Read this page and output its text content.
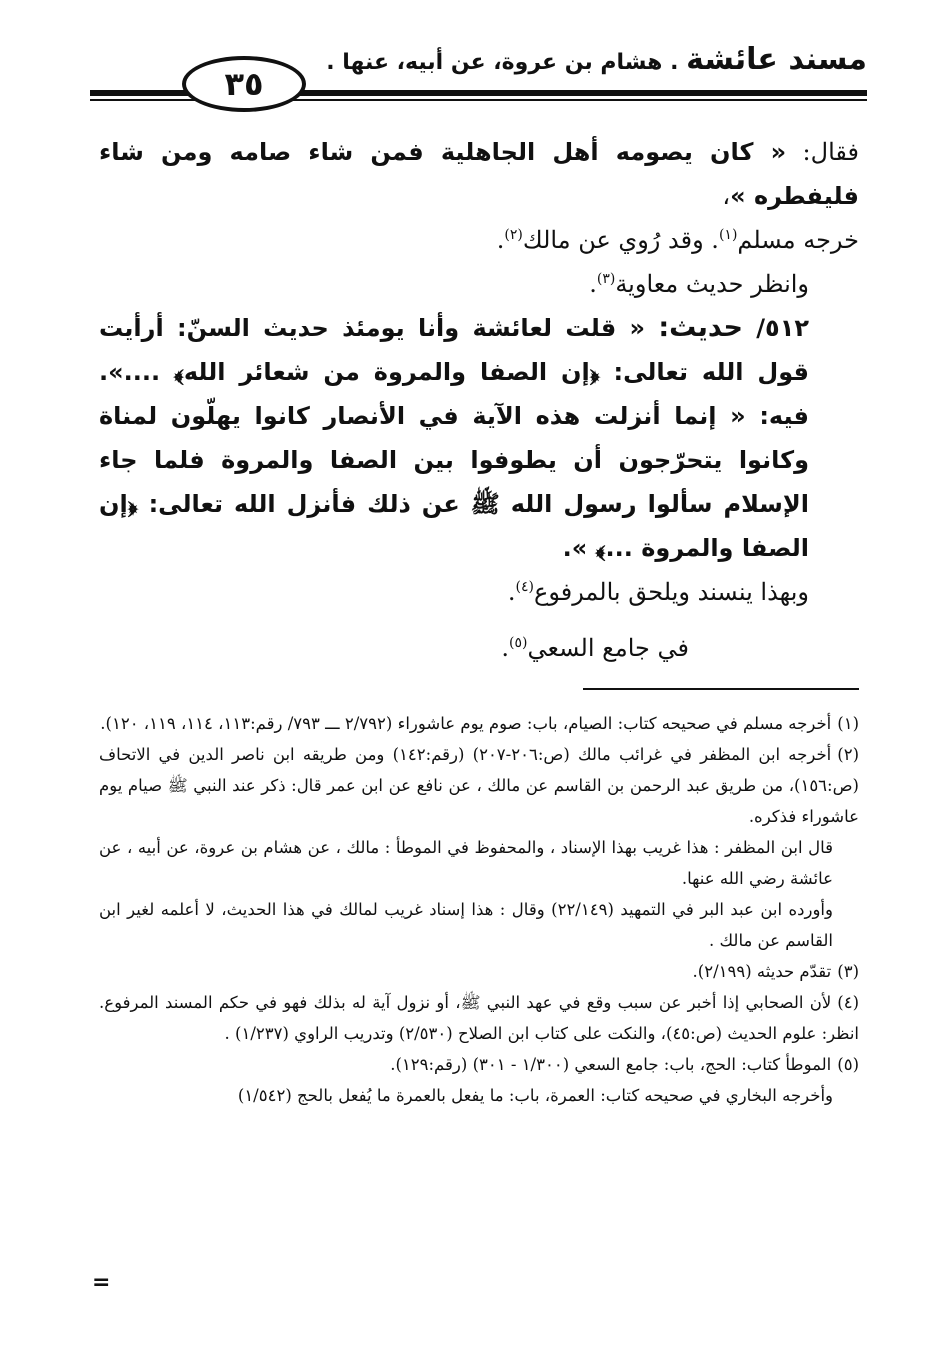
مسند عائشة . هشام بن عروة، عن أبيه، عنها .
٣٥

فقال: « كان يصومه أهل الجاهلية فمن شاء صامه ومن شاء فليفطره »،

خرجه مسلم$^{(١)}$. وقد رُوي عن مالك$^{(٢)}$.

وانظر حديث معاوية$^{(٣)}$.

٥١٢/ حديث: « قلت لعائشة وأنا يومئذ حديث السنّ: أرأيت قول الله تعالى: ﴿إن الصفا والمروة من شعائر الله﴾ ....». فيه: « إنما أنزلت هذه الآية في الأنصار كانوا يهلّون لمناة وكانوا يتحرّجون أن يطوفوا بين الصفا والمروة فلما جاء الإسلام سألوا رسول الله ﷺ عن ذلك فأنزل الله تعالى: ﴿إن الصفا والمروة ...﴾ ».

وبهذا ينسند ويلحق بالمرفوع$^{(٤)}$.

في جامع السعي$^{(٥)}$.

(١)أخرجه مسلم في صحيحه كتاب: الصيام، باب: صوم يوم عاشوراء (٢/٧٩٢ ـــ ٧٩٣/ رقم:١١٣، ١١٤، ١١٩، ١٢٠).

(٢)أخرجه ابن المظفر في غرائب مالك (ص:٢٠٦-٢٠٧) (رقم:١٤٢) ومن طريقه ابن ناصر الدين في الاتحاف (ص:١٥٦)، من طريق عبد الرحمن بن القاسم عن مالك ، عن نافع عن ابن عمر قال: ذكر عند النبي ﷺ صيام يوم عاشوراء فذكره.

قال ابن المظفر : هذا غريب بهذا الإسناد ، والمحفوظ في الموطأ : مالك ، عن هشام بن عروة، عن أبيه ، عن عائشة رضي الله عنها.

وأورده ابن عبد البر في التمهيد (٢٢/١٤٩) وقال : هذا إسناد غريب لمالك في هذا الحديث، لا أعلمه لغير ابن القاسم عن مالك .

(٣)تقدّم حديثه (٢/١٩٩).

(٤)لأن الصحابي إذا أخبر عن سبب وقع في عهد النبي ﷺ، أو نزول آية له بذلك فهو في حكم المسند المرفوع. انظر: علوم الحديث (ص:٤٥)، والنكت على كتاب ابن الصلاح (٢/٥٣٠) وتدريب الراوي (١/٢٣٧) .

(٥)الموطأ كتاب: الحج، باب: جامع السعي (١/٣٠٠ - ٣٠١) (رقم:١٢٩).

وأخرجه البخاري في صحيحه كتاب: العمرة، باب: ما يفعل بالعمرة ما يُفعل بالحج (١/٥٤٢)

=
